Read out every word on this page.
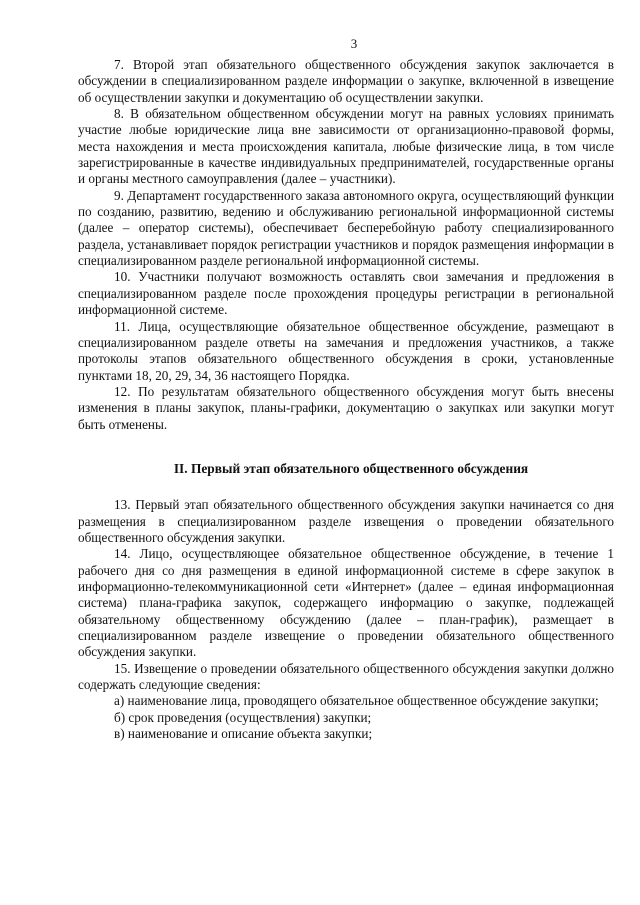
3

7. Второй этап обязательного общественного обсуждения закупок заключается в обсуждении в специализированном разделе информации о закупке, включенной в извещение об осуществлении закупки и документацию об осуществлении закупки.

8. В обязательном общественном обсуждении могут на равных условиях принимать участие любые юридические лица вне зависимости от организационно-правовой формы, места нахождения и места происхождения капитала, любые физические лица, в том числе зарегистрированные в качестве индивидуальных предпринимателей, государственные органы и органы местного самоуправления (далее – участники).

9. Департамент государственного заказа автономного округа, осуществляющий функции по созданию, развитию, ведению и обслуживанию региональной информационной системы (далее – оператор системы), обеспечивает бесперебойную работу специализированного раздела, устанавливает порядок регистрации участников и порядок размещения информации в специализированном разделе региональной информационной системы.

10. Участники получают возможность оставлять свои замечания и предложения в специализированном разделе после прохождения процедуры регистрации в региональной информационной системе.

11. Лица, осуществляющие обязательное общественное обсуждение, размещают в специализированном разделе ответы на замечания и предложения участников, а также протоколы этапов обязательного общественного обсуждения в сроки, установленные пунктами 18, 20, 29, 34, 36 настоящего Порядка.

12. По результатам обязательного общественного обсуждения могут быть внесены изменения в планы закупок, планы-графики, документацию о закупках или закупки могут быть отменены.

II. Первый этап обязательного общественного обсуждения

13. Первый этап обязательного общественного обсуждения закупки начинается со дня размещения в специализированном разделе извещения о проведении обязательного общественного обсуждения закупки.

14. Лицо, осуществляющее обязательное общественное обсуждение, в течение 1 рабочего дня со дня размещения в единой информационной системе в сфере закупок в информационно-телекоммуникационной сети «Интернет» (далее – единая информационная система) плана-графика закупок, содержащего информацию о закупке, подлежащей обязательному общественному обсуждению (далее – план-график), размещает в специализированном разделе извещение о проведении обязательного общественного обсуждения закупки.

15. Извещение о проведении обязательного общественного обсуждения закупки должно содержать следующие сведения:

а) наименование лица, проводящего обязательное общественное обсуждение закупки;

б) срок проведения (осуществления) закупки;

в) наименование и описание объекта закупки;
